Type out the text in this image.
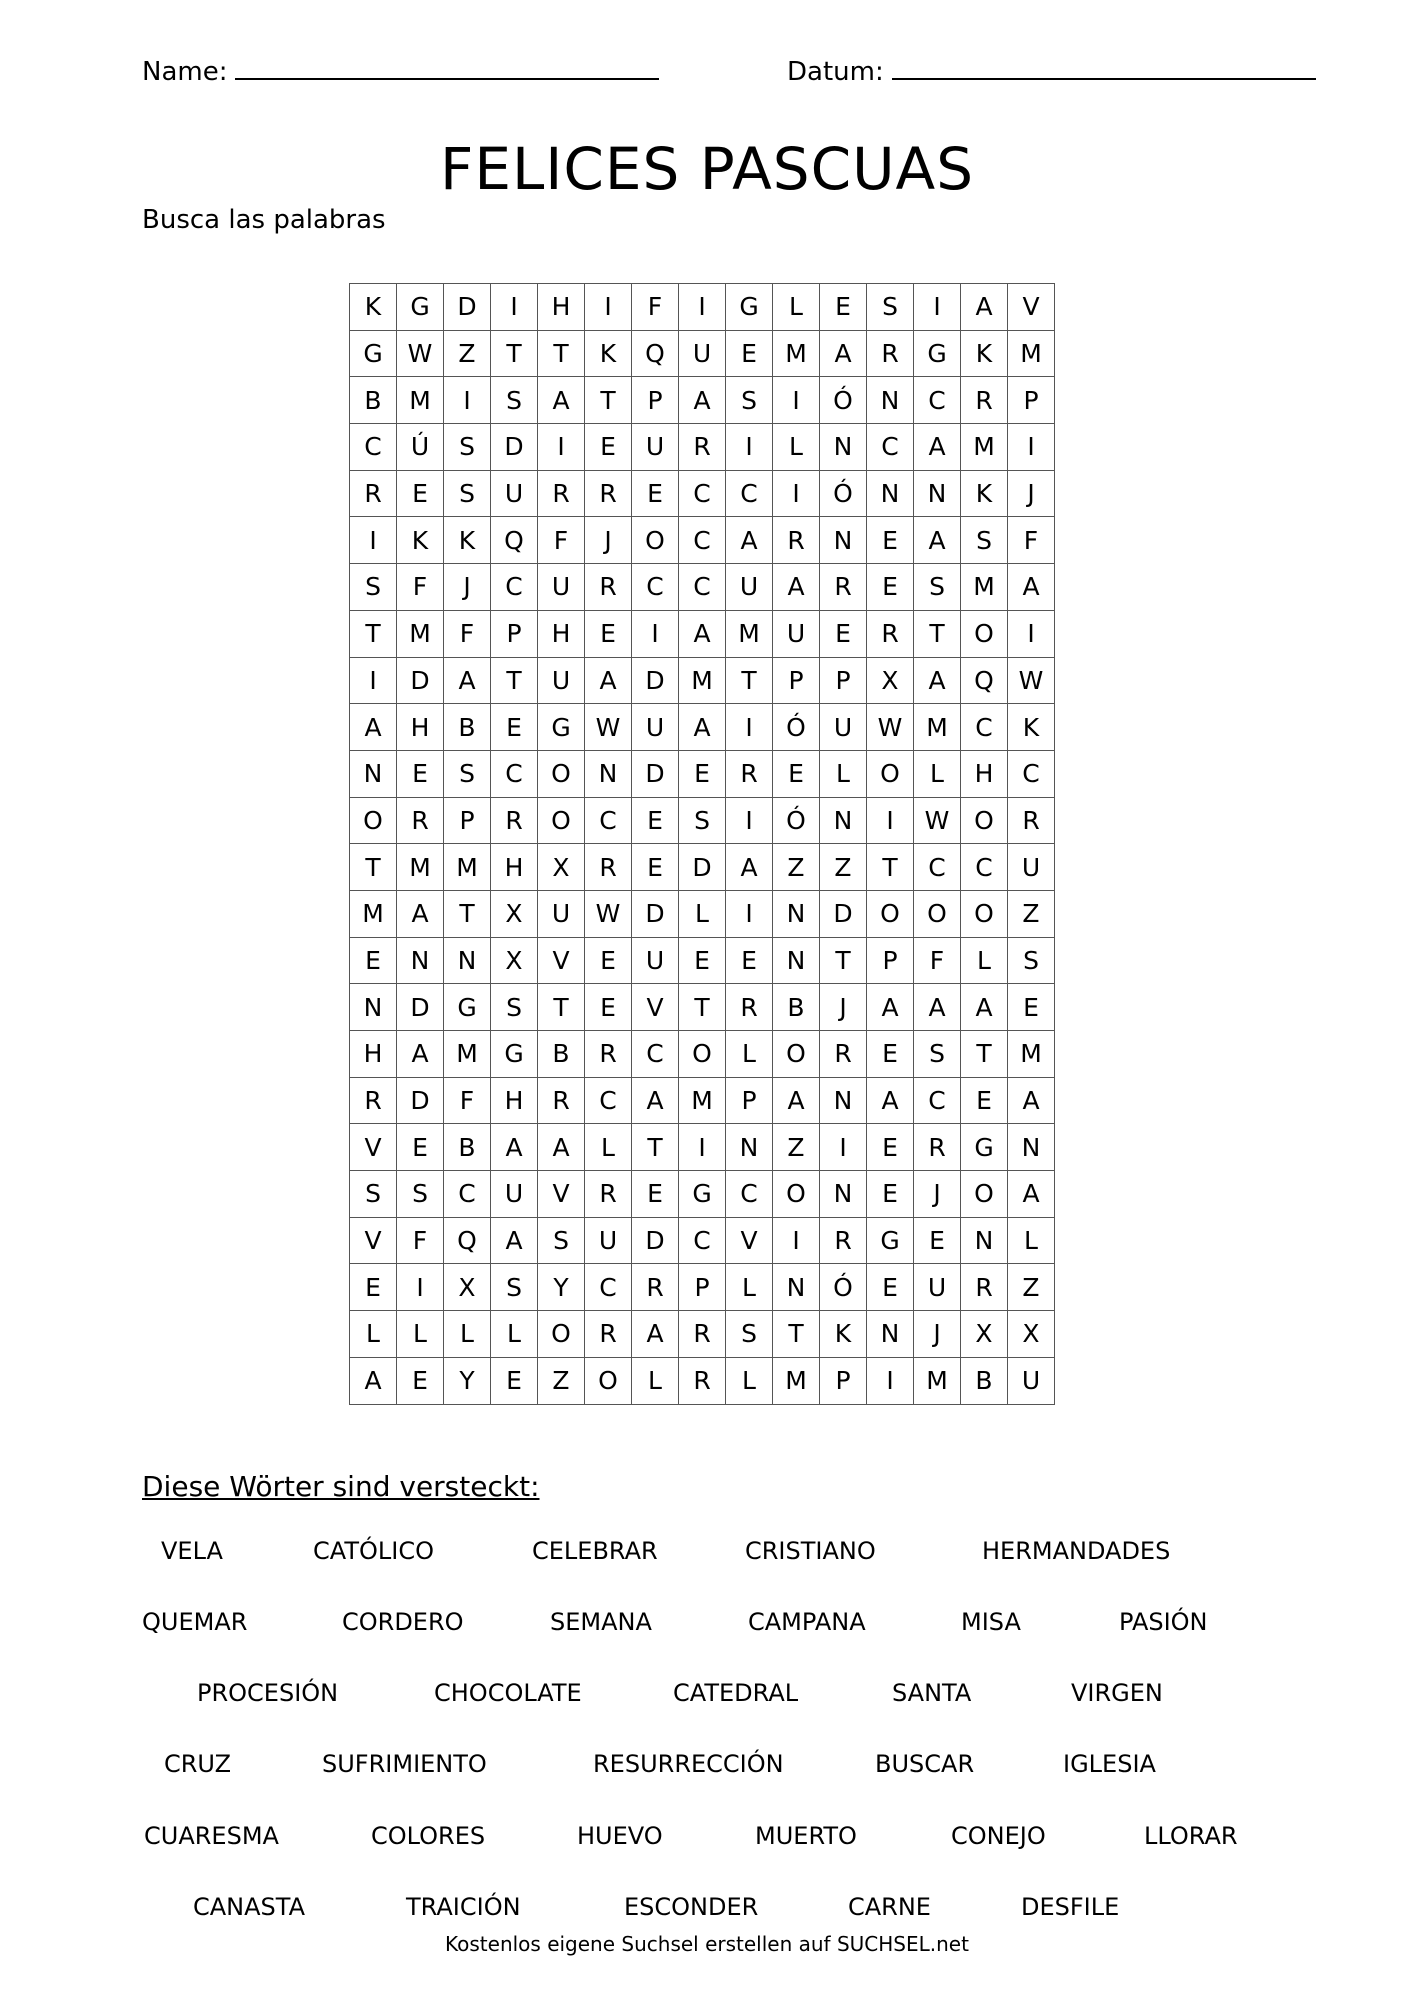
Name:	Datum:
FELICES PASCUAS
Busca las palabras
K	G	D	I	H	I	F	I	G	L	E	S	I	A	V
G	W	Z	T	T	K	Q	U	E	M	A	R	G	K	M
B	M	I	S	A	T	P	A	S	I	Ó	N	C	R	P
C	Ú	S	D	I	E	U	R	I	L	N	C	A	M	I
R	E	S	U	R	R	E	C	C	I	Ó	N	N	K	J
I	K	K	Q	F	J	O	C	A	R	N	E	A	S	F
S	F	J	C	U	R	C	C	U	A	R	E	S	M	A
T	M	F	P	H	E	I	A	M	U	E	R	T	O	I
I	D	A	T	U	A	D	M	T	P	P	X	A	Q	W
A	H	B	E	G	W	U	A	I	Ó	U	W	M	C	K
N	E	S	C	O	N	D	E	R	E	L	O	L	H	C
O	R	P	R	O	C	E	S	I	Ó	N	I	W	O	R
T	M	M	H	X	R	E	D	A	Z	Z	T	C	C	U
M	A	T	X	U	W	D	L	I	N	D	O	O	O	Z
E	N	N	X	V	E	U	E	E	N	T	P	F	L	S
N	D	G	S	T	E	V	T	R	B	J	A	A	A	E
H	A	M	G	B	R	C	O	L	O	R	E	S	T	M
R	D	F	H	R	C	A	M	P	A	N	A	C	E	A
V	E	B	A	A	L	T	I	N	Z	I	E	R	G	N
S	S	C	U	V	R	E	G	C	O	N	E	J	O	A
V	F	Q	A	S	U	D	C	V	I	R	G	E	N	L
E	I	X	S	Y	C	R	P	L	N	Ó	E	U	R	Z
L	L	L	L	O	R	A	R	S	T	K	N	J	X	X
A	E	Y	E	Z	O	L	R	L	M	P	I	M	B	U
Diese Wörter sind versteckt:
VELA	CATÓLICO	CELEBRAR	CRISTIANO	HERMANDADES
QUEMAR	CORDERO	SEMANA	CAMPANA	MISA	PASIÓN
PROCESIÓN	CHOCOLATE	CATEDRAL	SANTA	VIRGEN
CRUZ	SUFRIMIENTO	RESURRECCIÓN	BUSCAR	IGLESIA
CUARESMA	COLORES	HUEVO	MUERTO	CONEJO	LLORAR
CANASTA	TRAICIÓN	ESCONDER	CARNE	DESFILE
Kostenlos eigene Suchsel erstellen auf SUCHSEL.net
